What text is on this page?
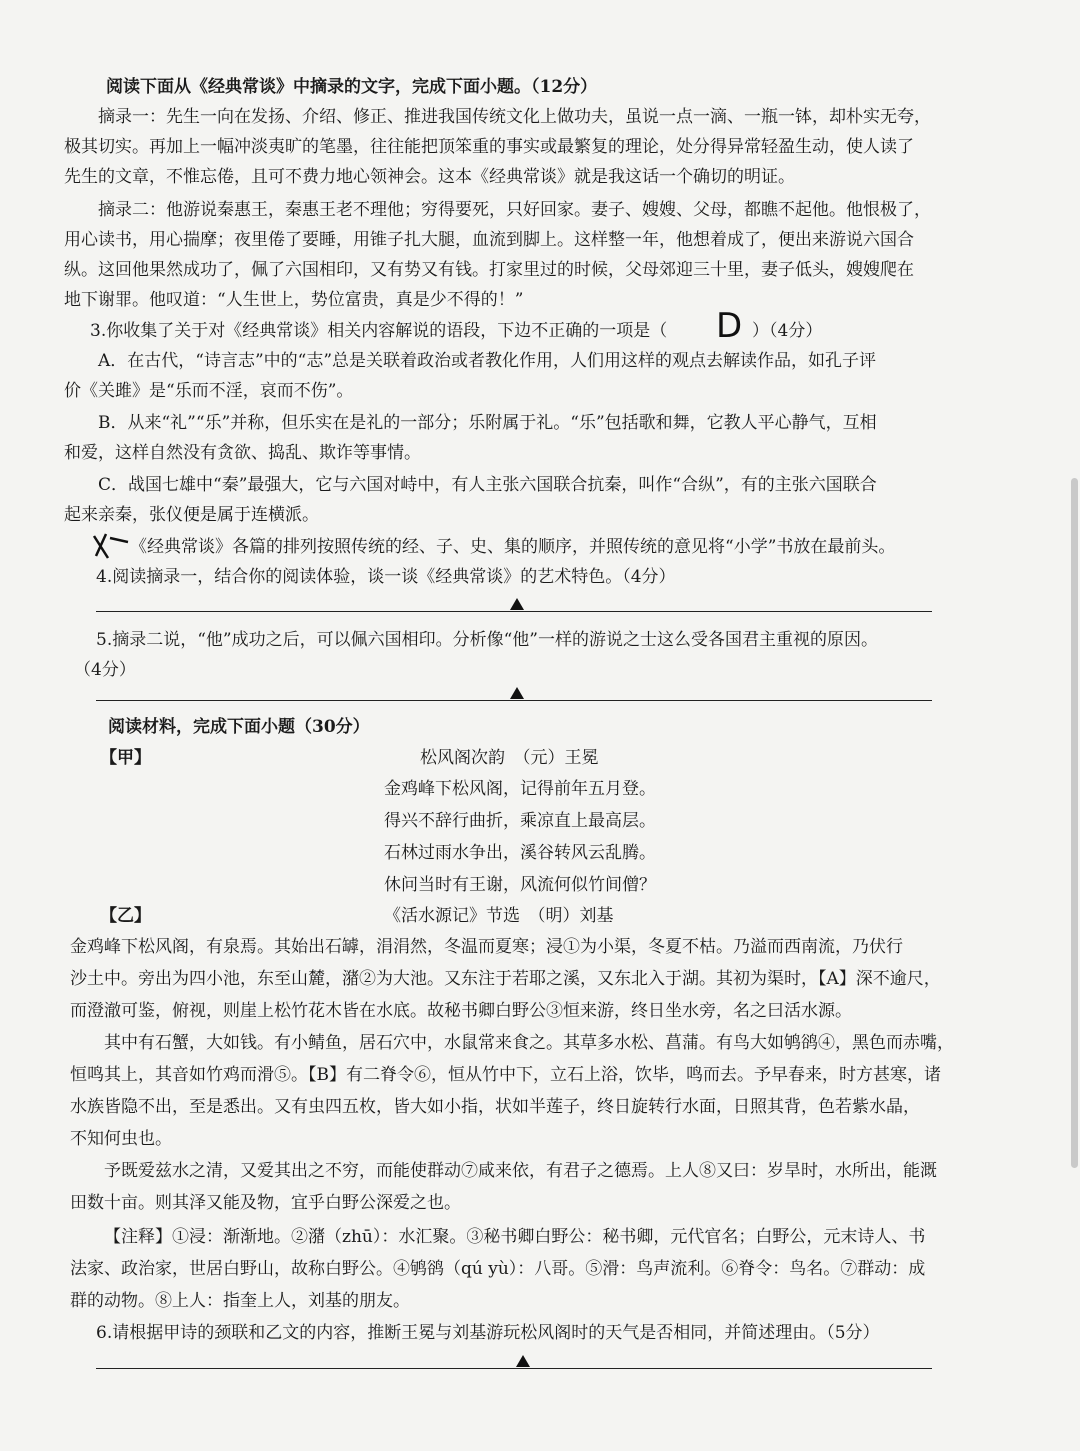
阅读下面从《经典常谈》中摘录的文字，完成下面小题。（12分）
摘录一：先生一向在发扬、介绍、修正、推进我国传统文化上做功夫，虽说一点一滴、一瓶一钵，却朴实无夸，
极其切实。再加上一幅冲淡夷旷的笔墨，往往能把顶笨重的事实或最繁复的理论，处分得异常轻盈生动，使人读了
先生的文章，不惟忘倦，且可不费力地心领神会。这本《经典常谈》就是我这话一个确切的明证。
摘录二：他游说秦惠王，秦惠王老不理他；穷得要死，只好回家。妻子、嫂嫂、父母，都瞧不起他。他恨极了，
用心读书，用心揣摩；夜里倦了要睡，用锥子扎大腿，血流到脚上。这样整一年，他想着成了，便出来游说六国合
纵。这回他果然成功了，佩了六国相印，又有势又有钱。打家里过的时候，父母郊迎三十里，妻子低头，嫂嫂爬在
地下谢罪。他叹道：“人生世上，势位富贵，真是少不得的！”
3.你收集了关于对《经典常谈》相关内容解说的语段，下边不正确的一项是（ D ）（4分）
A．在古代，“诗言志”中的“志”总是关联着政治或者教化作用，人们用这样的观点去解读作品，如孔子评
价《关雎》是“乐而不淫，哀而不伤”。
B．从来“礼”“乐”并称，但乐实在是礼的一部分；乐附属于礼。“乐”包括歌和舞，它教人平心静气，互相
和爱，这样自然没有贪欲、捣乱、欺诈等事情。
C．战国七雄中“秦”最强大，它与六国对峙中，有人主张六国联合抗秦，叫作“合纵”，有的主张六国联合
起来亲秦，张仪便是属于连横派。
《经典常谈》各篇的排列按照传统的经、子、史、集的顺序，并照传统的意见将“小学”书放在最前头。
4.阅读摘录一，结合你的阅读体验，谈一谈《经典常谈》的艺术特色。（4分）
5.摘录二说，“他”成功之后，可以佩六国相印。分析像“他”一样的游说之士这么受各国君主重视的原因。
（4分）
阅读材料，完成下面小题（30分）
【甲】	松风阁次韵　（元）王冕
金鸡峰下松风阁，记得前年五月登。
得兴不辞行曲折，乘凉直上最高层。
石林过雨水争出，溪谷转风云乱腾。
休问当时有王谢，风流何似竹间僧？
【乙】	《活水源记》节选　（明）刘基
金鸡峰下松风阁，有泉焉。其始出石罅，涓涓然，冬温而夏寒；浸①为小渠，冬夏不枯。乃溢而西南流，乃伏行
沙土中。旁出为四小池，东至山麓，潴②为大池。又东注于若耶之溪，又东北入于湖。其初为渠时，【A】深不逾尺，
而澄澈可鉴，俯视，则崖上松竹花木皆在水底。故秘书卿白野公③恒来游，终日坐水旁，名之曰活水源。
其中有石蟹，大如钱。有小鲭鱼，居石穴中，水鼠常来食之。其草多水松、菖蒲。有鸟大如鸲鹆④，黑色而赤嘴，
恒鸣其上，其音如竹鸡而滑⑤。【B】有二脊令⑥，恒从竹中下，立石上浴，饮毕，鸣而去。予早春来，时方甚寒，诸
水族皆隐不出，至是悉出。又有虫四五枚，皆大如小指，状如半莲子，终日旋转行水面，日照其背，色若紫水晶，
不知何虫也。
予既爱兹水之清，又爱其出之不穷，而能使群动⑦咸来依，有君子之德焉。上人⑧又曰：岁旱时，水所出，能溉
田数十亩。则其泽又能及物，宜乎白野公深爱之也。
【注释】①浸：渐渐地。②潴（zhū）：水汇聚。③秘书卿白野公：秘书卿，元代官名；白野公，元末诗人、书
法家、政治家，世居白野山，故称白野公。④鸲鹆（qú yù）：八哥。⑤滑：鸟声流利。⑥脊令：鸟名。⑦群动：成
群的动物。⑧上人：指奎上人，刘基的朋友。
6.请根据甲诗的颈联和乙文的内容，推断王冕与刘基游玩松风阁时的天气是否相同，并简述理由。（5分）
